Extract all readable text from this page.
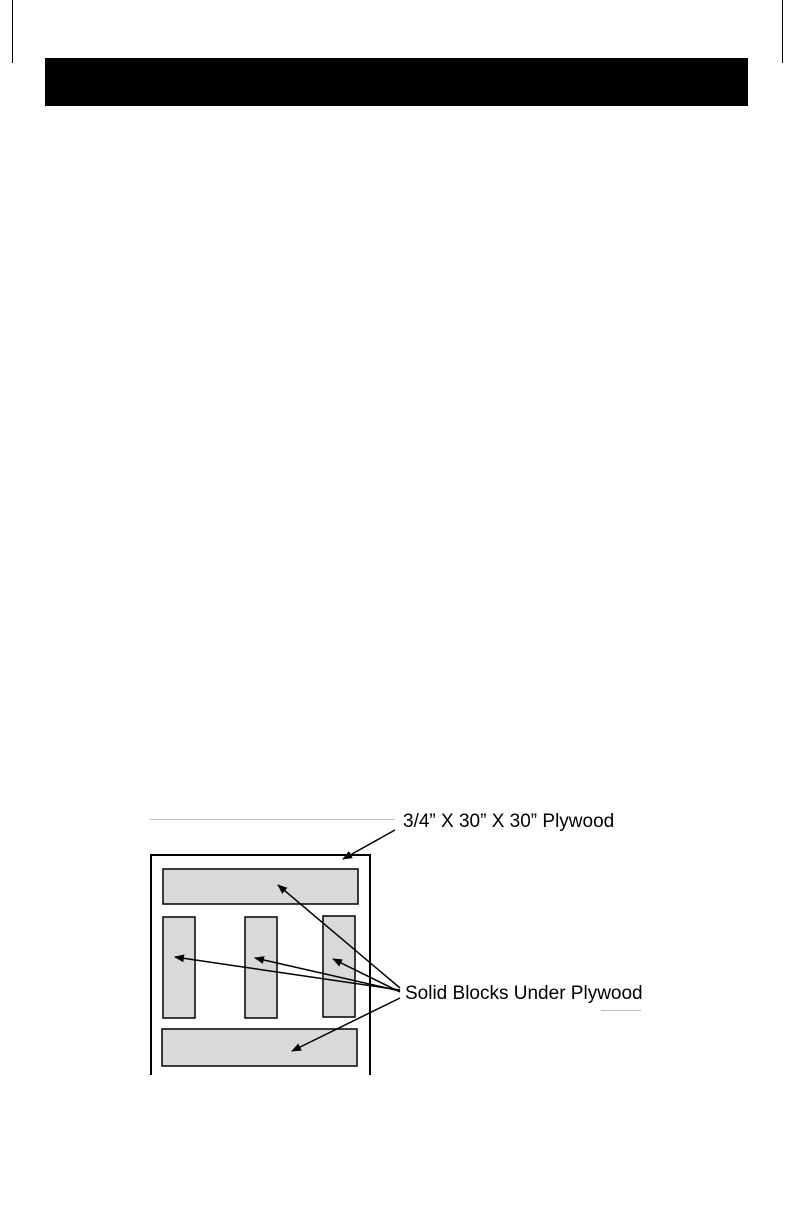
3/4” X 30” X 30” Plywood
Solid Blocks Under Plywood
